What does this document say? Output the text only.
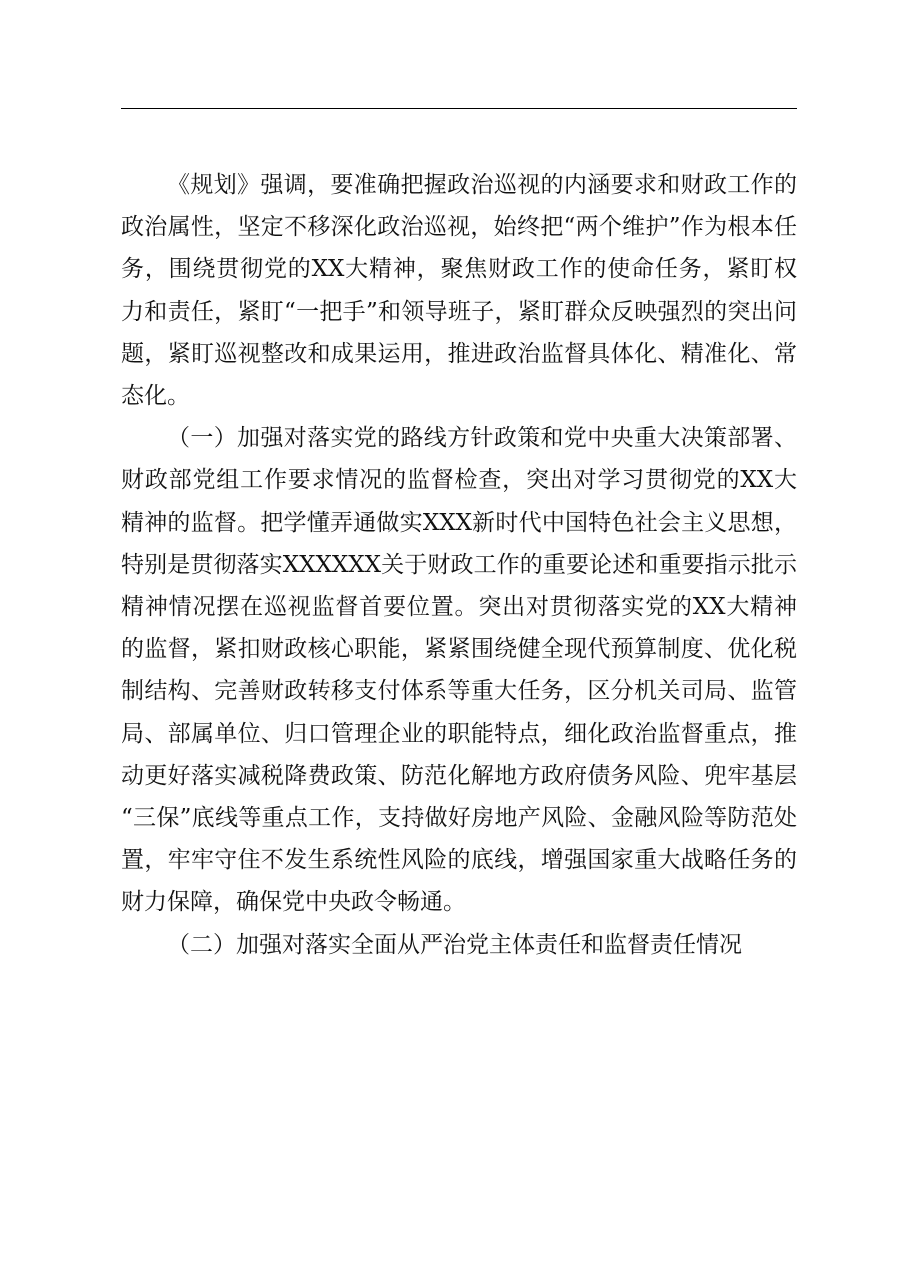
《规划》强调，要准确把握政治巡视的内涵要求和财政工作的政治属性，坚定不移深化政治巡视，始终把“两个维护”作为根本任务，围绕贯彻党的XX大精神，聚焦财政工作的使命任务，紧盯权力和责任，紧盯“一把手”和领导班子，紧盯群众反映强烈的突出问题，紧盯巡视整改和成果运用，推进政治监督具体化、精准化、常态化。

（一）加强对落实党的路线方针政策和党中央重大决策部署、财政部党组工作要求情况的监督检查，突出对学习贯彻党的XX大精神的监督。把学懂弄通做实XXX新时代中国特色社会主义思想，特别是贯彻落实XXXXXX关于财政工作的重要论述和重要指示批示精神情况摆在巡视监督首要位置。突出对贯彻落实党的XX大精神的监督，紧扣财政核心职能，紧紧围绕健全现代预算制度、优化税制结构、完善财政转移支付体系等重大任务，区分机关司局、监管局、部属单位、归口管理企业的职能特点，细化政治监督重点，推动更好落实减税降费政策、防范化解地方政府债务风险、兜牢基层“三保”底线等重点工作，支持做好房地产风险、金融风险等防范处置，牢牢守住不发生系统性风险的底线，增强国家重大战略任务的财力保障，确保党中央政令畅通。

（二）加强对落实全面从严治党主体责任和监督责任情况
